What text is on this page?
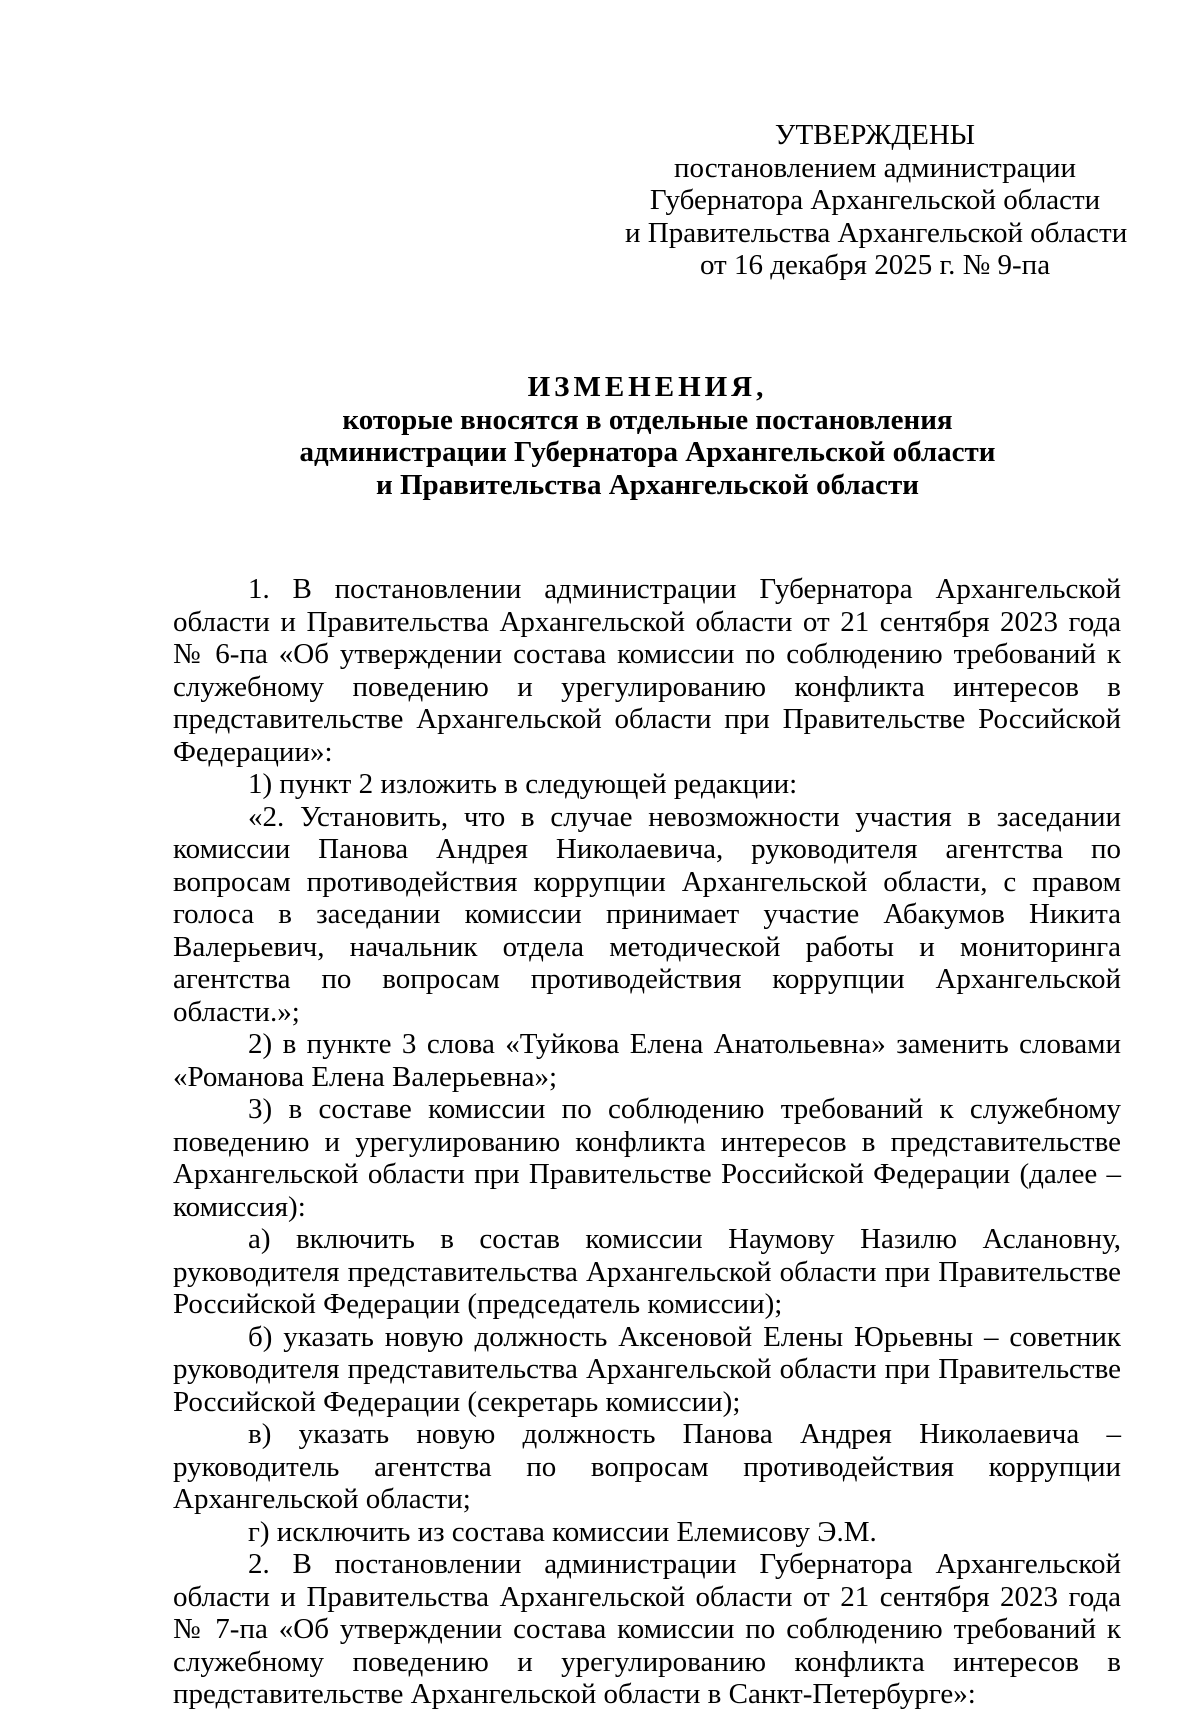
УТВЕРЖДЕНЫ
постановлением администрации
Губернатора Архангельской области
и Правительства Архангельской области
от 16 декабря 2025 г. № 9-па
ИЗМЕНЕНИЯ,
которые вносятся в отдельные постановления
администрации Губернатора Архангельской области
и Правительства Архангельской области

1. В постановлении администрации Губернатора Архангельской области и Правительства Архангельской области от 21 сентября 2023 года № 6-па «Об утверждении состава комиссии по соблюдению требований к служебному поведению и урегулированию конфликта интересов в представительстве Архангельской области при Правительстве Российской Федерации»:

1) пункт 2 изложить в следующей редакции:

«2. Установить, что в случае невозможности участия в заседании комиссии Панова Андрея Николаевича, руководителя агентства по вопросам противодействия коррупции Архангельской области, с правом голоса в заседании комиссии принимает участие Абакумов Никита Валерьевич, начальник отдела методической работы и мониторинга агентства по вопросам противодействия коррупции Архангельской области.»;

2) в пункте 3 слова «Туйкова Елена Анатольевна» заменить словами «Романова Елена Валерьевна»;

3) в составе комиссии по соблюдению требований к служебному поведению и урегулированию конфликта интересов в представительстве Архангельской области при Правительстве Российской Федерации (далее – комиссия):

а) включить в состав комиссии Наумову Назилю Аслановну, руководителя представительства Архангельской области при Правительстве Российской Федерации (председатель комиссии);

б) указать новую должность Аксеновой Елены Юрьевны – советник руководителя представительства Архангельской области при Правительстве Российской Федерации (секретарь комиссии);

в) указать новую должность Панова Андрея Николаевича – руководитель агентства по вопросам противодействия коррупции Архангельской области;

г) исключить из состава комиссии Елемисову Э.М.

2. В постановлении администрации Губернатора Архангельской области и Правительства Архангельской области от 21 сентября 2023 года № 7-па «Об утверждении состава комиссии по соблюдению требований к служебному поведению и урегулированию конфликта интересов в представительстве Архангельской области в Санкт-Петербурге»:
